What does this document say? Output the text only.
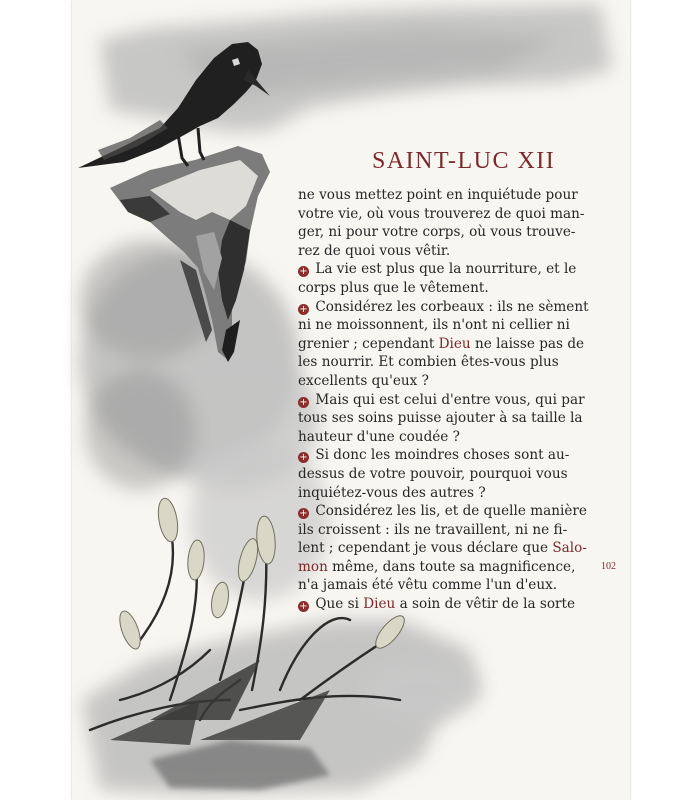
SAINT-LUC XII
ne vous mettez point en inquiétude pour
votre vie, où vous trouverez de quoi man-
ger, ni pour votre corps, où vous trouve-
rez de quoi vous vêtir.
+ La vie est plus que la nourriture, et le
corps plus que le vêtement.
+ Considérez les corbeaux : ils ne sèment
ni ne moissonnent, ils n'ont ni cellier ni
grenier ; cependant Dieu ne laisse pas de
les nourrir. Et combien êtes-vous plus
excellents qu'eux ?
+ Mais qui est celui d'entre vous, qui par
tous ses soins puisse ajouter à sa taille la
hauteur d'une coudée ?
+ Si donc les moindres choses sont au-
dessus de votre pouvoir, pourquoi vous
inquiétez-vous des autres ?
+ Considérez les lis, et de quelle manière
ils croissent : ils ne travaillent, ni ne fi-
lent ; cependant je vous déclare que Salo-
mon même, dans toute sa magnificence,
n'a jamais été vêtu comme l'un d'eux.
+ Que si Dieu a soin de vêtir de la sorte
102
